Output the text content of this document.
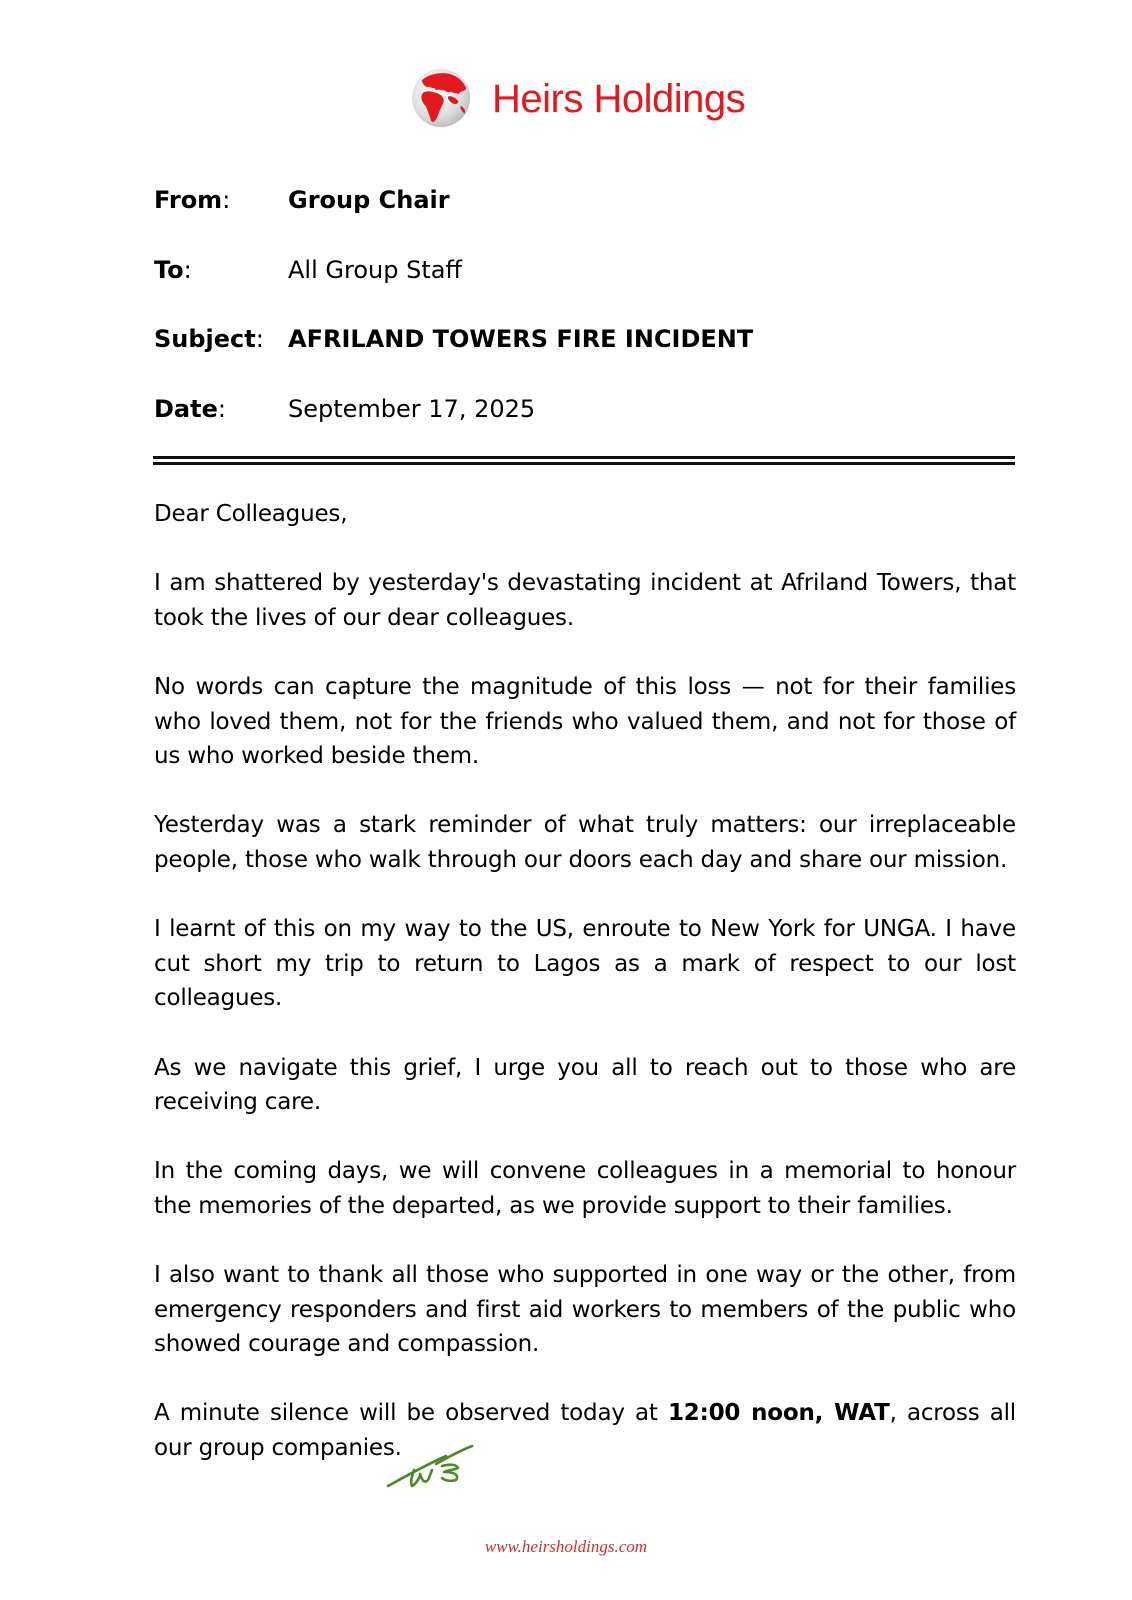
Heirs Holdings
From:	Group Chair
To:	All Group Staff
Subject:	AFRILAND TOWERS FIRE INCIDENT
Date:	September 17, 2025

Dear Colleagues,

I am shattered by yesterday's devastating incident at Afriland Towers, that took the lives of our dear colleagues.

No words can capture the magnitude of this loss — not for their families who loved them, not for the friends who valued them, and not for those of us who worked beside them.

Yesterday was a stark reminder of what truly matters: our irreplaceable people, those who walk through our doors each day and share our mission.

I learnt of this on my way to the US, enroute to New York for UNGA. I have cut short my trip to return to Lagos as a mark of respect to our lost colleagues.

As we navigate this grief, I urge you all to reach out to those who are receiving care.

In the coming days, we will convene colleagues in a memorial to honour the memories of the departed, as we provide support to their families.

I also want to thank all those who supported in one way or the other, from emergency responders and first aid workers to members of the public who showed courage and compassion.

A minute silence will be observed today at 12:00 noon, WAT, across all our group companies.

www.heirsholdings.com
